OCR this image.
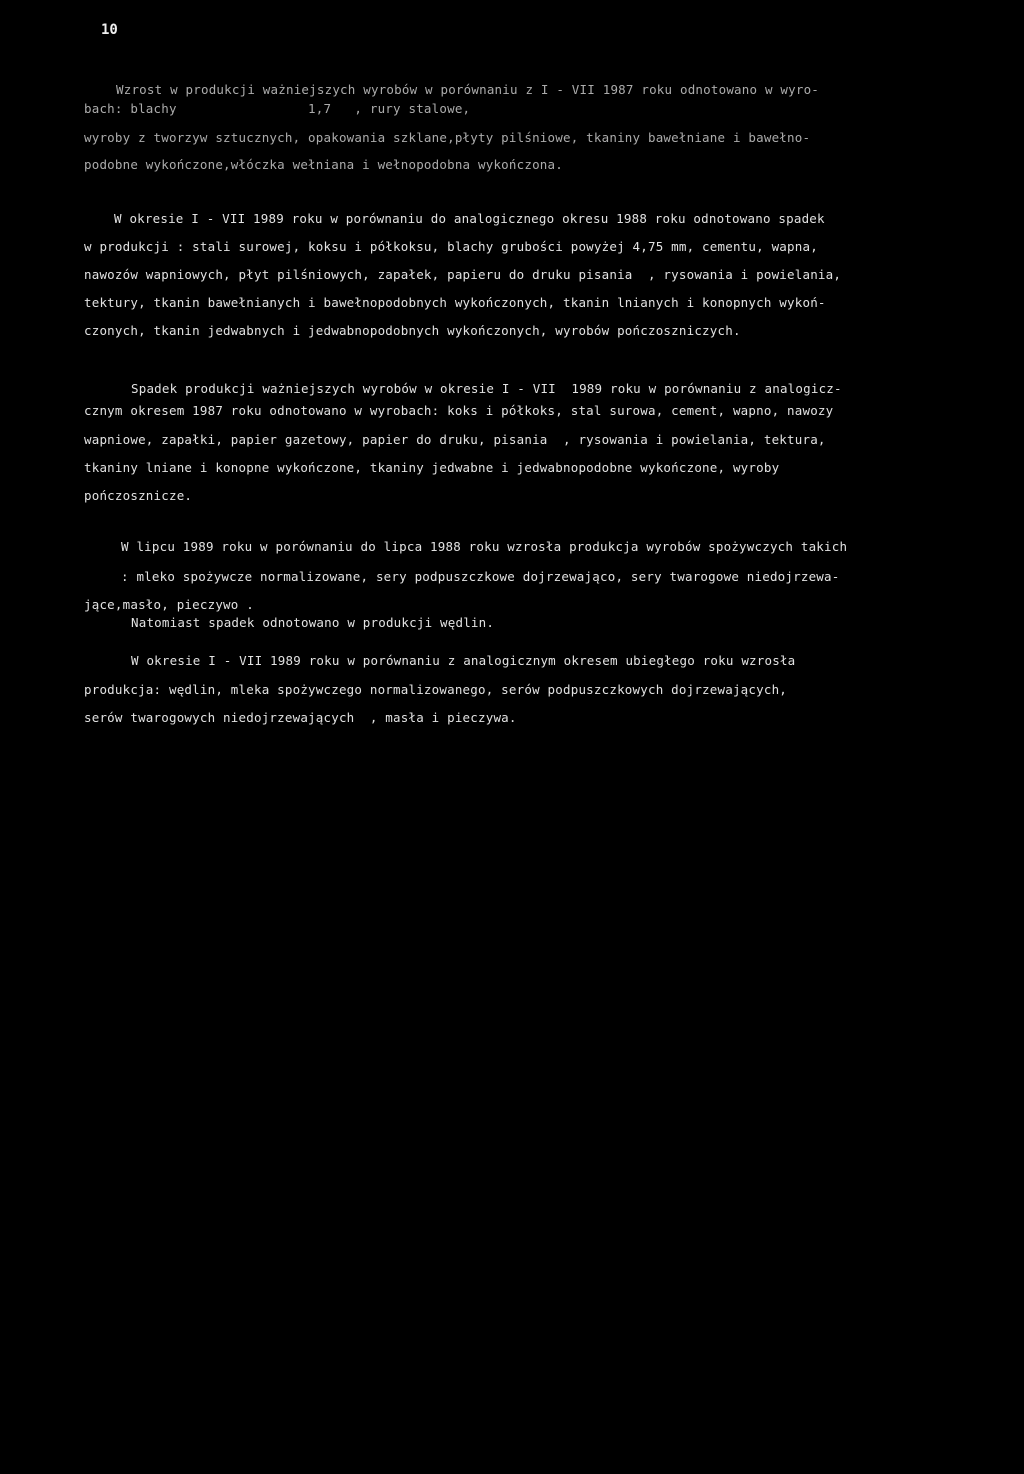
10
Wzrost w produkcji ważniejszych wyrobów w porównaniu z I - VII 1987 roku odnotowano w wyro-
bach: blachy                 1,7   , rury stalowe,
wyroby z tworzyw sztucznych, opakowania szklane,płyty pilśniowe, tkaniny bawełniane i bawełno-
podobne wykończone,włóczka wełniana i wełnopodobna wykończona.
W okresie I - VII 1989 roku w porównaniu do analogicznego okresu 1988 roku odnotowano spadek
w produkcji : stali surowej, koksu i półkoksu, blachy grubości powyżej 4,75 mm, cementu, wapna,
nawozów wapniowych, płyt pilśniowych, zapałek, papieru do druku pisania  , rysowania i powielania,
tektury, tkanin bawełnianych i bawełnopodobnych wykończonych, tkanin lnianych i konopnych wykoń-
czonych, tkanin jedwabnych i jedwabnopodobnych wykończonych, wyrobów pończoszniczych.
Spadek produkcji ważniejszych wyrobów w okresie I - VII  1989 roku w porównaniu z analogicz-
cznym okresem 1987 roku odnotowano w wyrobach: koks i półkoks, stal surowa, cement, wapno, nawozy
wapniowe, zapałki, papier gazetowy, papier do druku, pisania  , rysowania i powielania, tektura,
tkaniny lniane i konopne wykończone, tkaniny jedwabne i jedwabnopodobne wykończone, wyroby
pończosznicze.
W lipcu 1989 roku w porównaniu do lipca 1988 roku wzrosła produkcja wyrobów spożywczych takich
: mleko spożywcze normalizowane, sery podpuszczkowe dojrzewająco, sery twarogowe niedojrzewa-
jące,masło, pieczywo .
Natomiast spadek odnotowano w produkcji wędlin.
W okresie I - VII 1989 roku w porównaniu z analogicznym okresem ubiegłego roku wzrosła
produkcja: wędlin, mleka spożywczego normalizowanego, serów podpuszczkowych dojrzewających,
serów twarogowych niedojrzewających  , masła i pieczywa.
